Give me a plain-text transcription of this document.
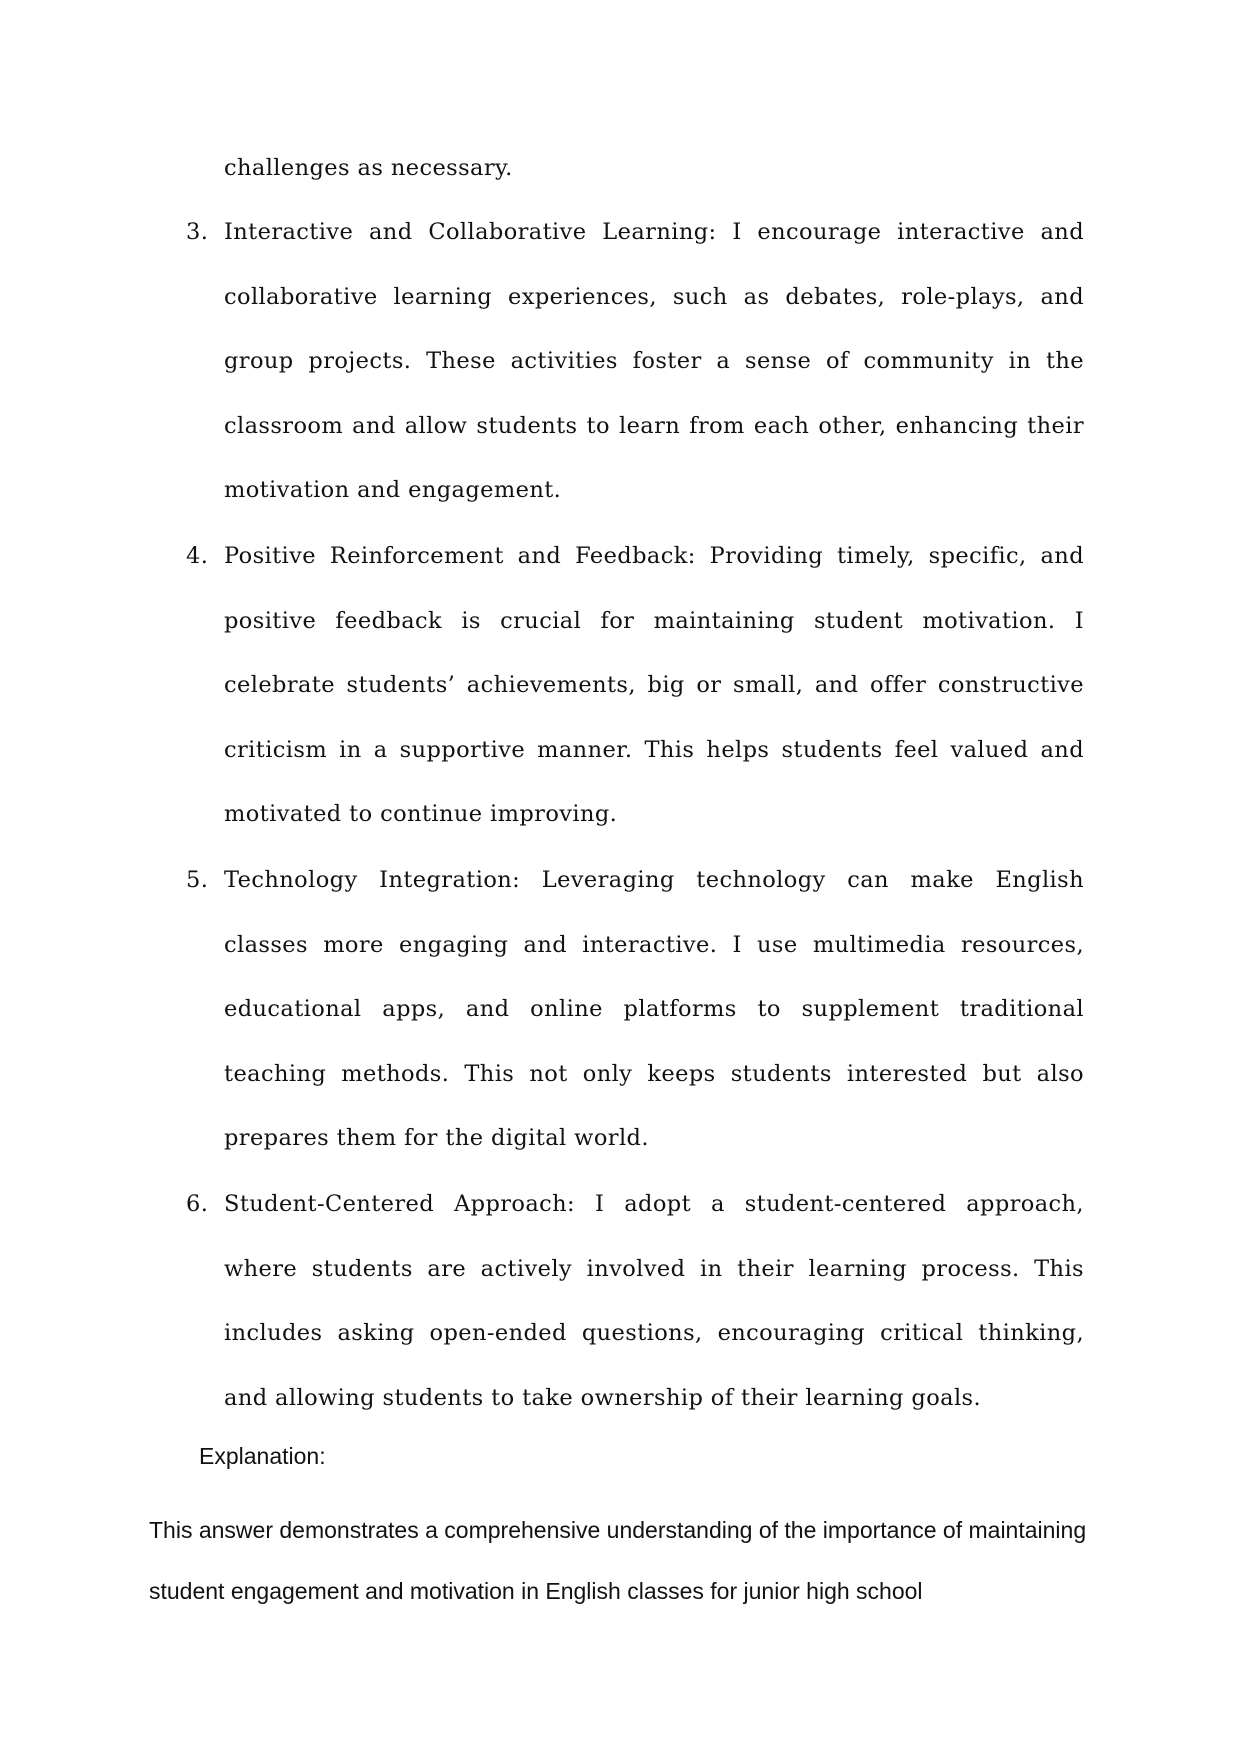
challenges as necessary.

3. Interactive and Collaborative Learning: I encourage interactive and collaborative learning experiences, such as debates, role-plays, and group projects. These activities foster a sense of community in the classroom and allow students to learn from each other, enhancing their motivation and engagement.
4. Positive Reinforcement and Feedback: Providing timely, specific, and positive feedback is crucial for maintaining student motivation. I celebrate students’ achievements, big or small, and offer constructive criticism in a supportive manner. This helps students feel valued and motivated to continue improving.
5. Technology Integration: Leveraging technology can make English classes more engaging and interactive. I use multimedia resources, educational apps, and online platforms to supplement traditional teaching methods. This not only keeps students interested but also prepares them for the digital world.
6. Student-Centered Approach: I adopt a student-centered approach, where students are actively involved in their learning process. This includes asking open-ended questions, encouraging critical thinking, and allowing students to take ownership of their learning goals.

Explanation:

This answer demonstrates a comprehensive understanding of the importance of maintaining student engagement and motivation in English classes for junior high school
